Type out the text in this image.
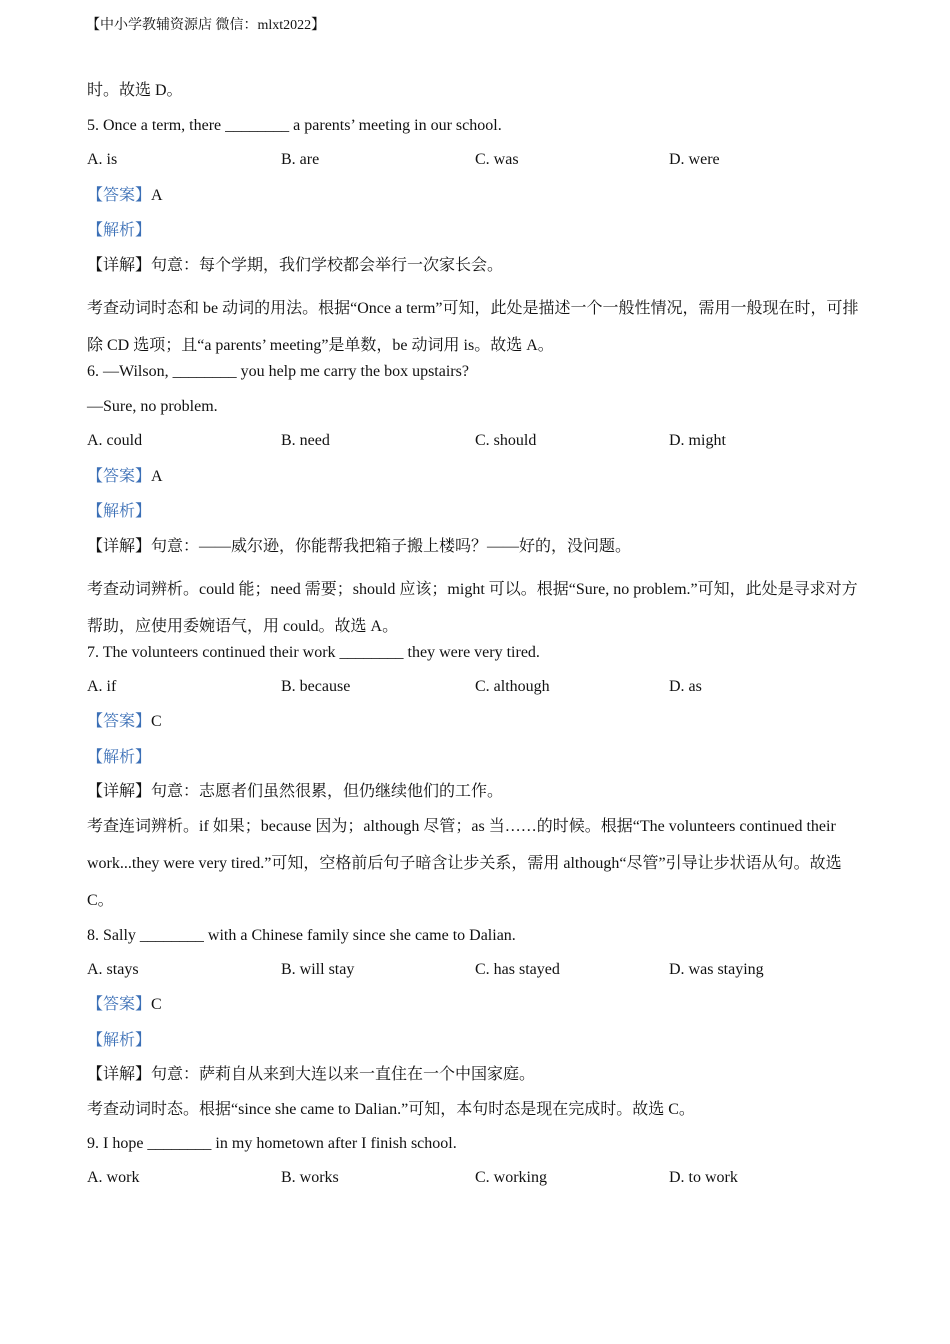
【中小学教辅资源店 微信：mlxt2022】
时。故选 D。
5. Once a term, there ________ a parents’ meeting in our school.
A. is	B. are	C. was	D. were
【答案】A
【解析】
【详解】句意：每个学期，我们学校都会举行一次家长会。
考查动词时态和 be 动词的用法。根据“Once a term”可知，此处是描述一个一般性情况，需用一般现在时，可排除 CD 选项；且“a parents’ meeting”是单数，be 动词用 is。故选 A。
6. —Wilson, ________ you help me carry the box upstairs?
—Sure, no problem.
A. could	B. need	C. should	D. might
【答案】A
【解析】
【详解】句意：——威尔逊，你能帮我把箱子搬上楼吗？——好的，没问题。
考查动词辨析。could 能；need 需要；should 应该；might 可以。根据“Sure, no problem.”可知，此处是寻求对方帮助，应使用委婉语气，用 could。故选 A。
7. The volunteers continued their work ________ they were very tired.
A. if	B. because	C. although	D. as
【答案】C
【解析】
【详解】句意：志愿者们虽然很累，但仍继续他们的工作。
考查连词辨析。if 如果；because 因为；although 尽管；as 当……的时候。根据“The volunteers continued their work...they were very tired.”可知，空格前后句子暗含让步关系，需用 although“尽管”引导让步状语从句。故选 C。
8. Sally ________ with a Chinese family since she came to Dalian.
A. stays	B. will stay	C. has stayed	D. was staying
【答案】C
【解析】
【详解】句意：萨莉自从来到大连以来一直住在一个中国家庭。
考查动词时态。根据“since she came to Dalian.”可知，本句时态是现在完成时。故选 C。
9. I hope ________ in my hometown after I finish school.
A. work	B. works	C. working	D. to work
